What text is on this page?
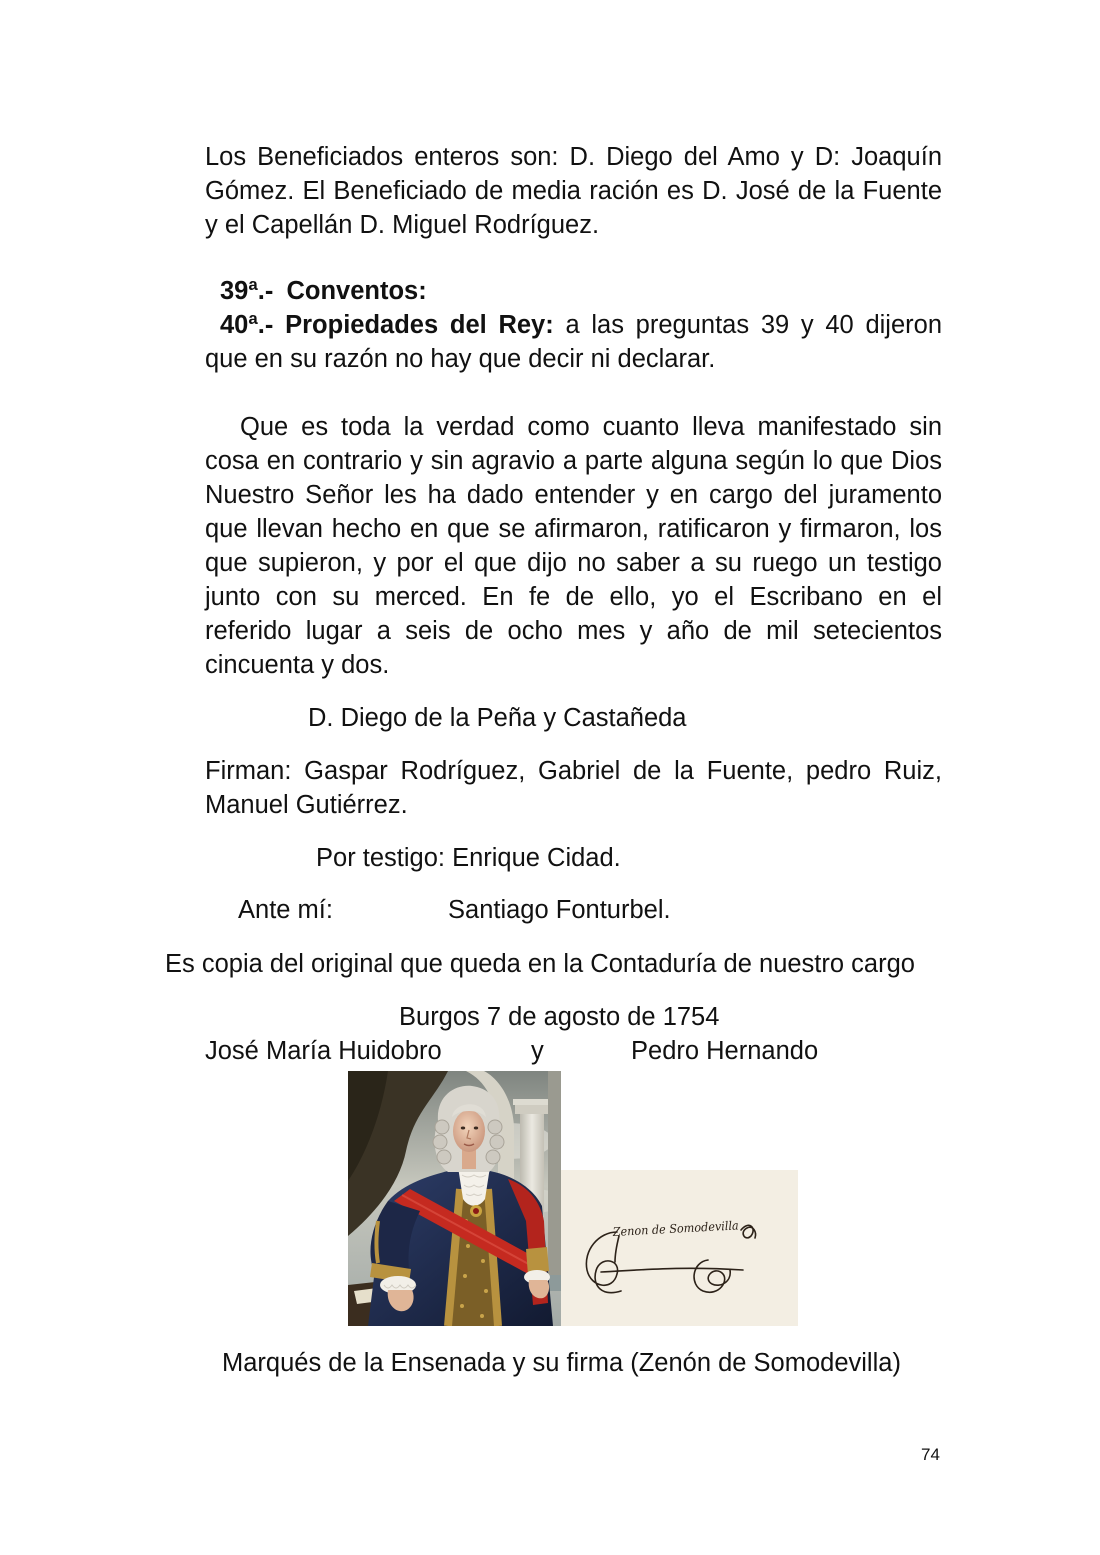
Los Beneficiados enteros son: D. Diego del Amo y D: Joaquín
Gómez. El Beneficiado de media ración es D. José de la Fuente
y el Capellán D. Miguel Rodríguez.
39ª.- Conventos:
40ª.- Propiedades del Rey: a las preguntas 39 y 40 dijeron
que en su razón no hay que decir ni declarar.
Que es toda la verdad como cuanto lleva manifestado sin
cosa en contrario y sin agravio a parte alguna según lo que Dios
Nuestro Señor les ha dado entender y en cargo del juramento
que llevan hecho en que se afirmaron, ratificaron y firmaron, los
que supieron, y por el que dijo no saber a su ruego un testigo
junto con su merced. En fe de ello, yo el Escribano en el
referido lugar a seis de ocho mes y año de mil setecientos
cincuenta y dos.
D. Diego de la Peña y Castañeda
Firman: Gaspar Rodríguez, Gabriel de la Fuente, pedro Ruiz,
Manuel Gutiérrez.
Por testigo: Enrique Cidad.
Ante mí:	Santiago Fonturbel.
Es copia del original que queda en la Contaduría de nuestro cargo
Burgos 7 de agosto de 1754
José María Huidobro	y	Pedro Hernando
Zenon de Somodevilla
Marqués de la Ensenada y su firma (Zenón de Somodevilla)
74
